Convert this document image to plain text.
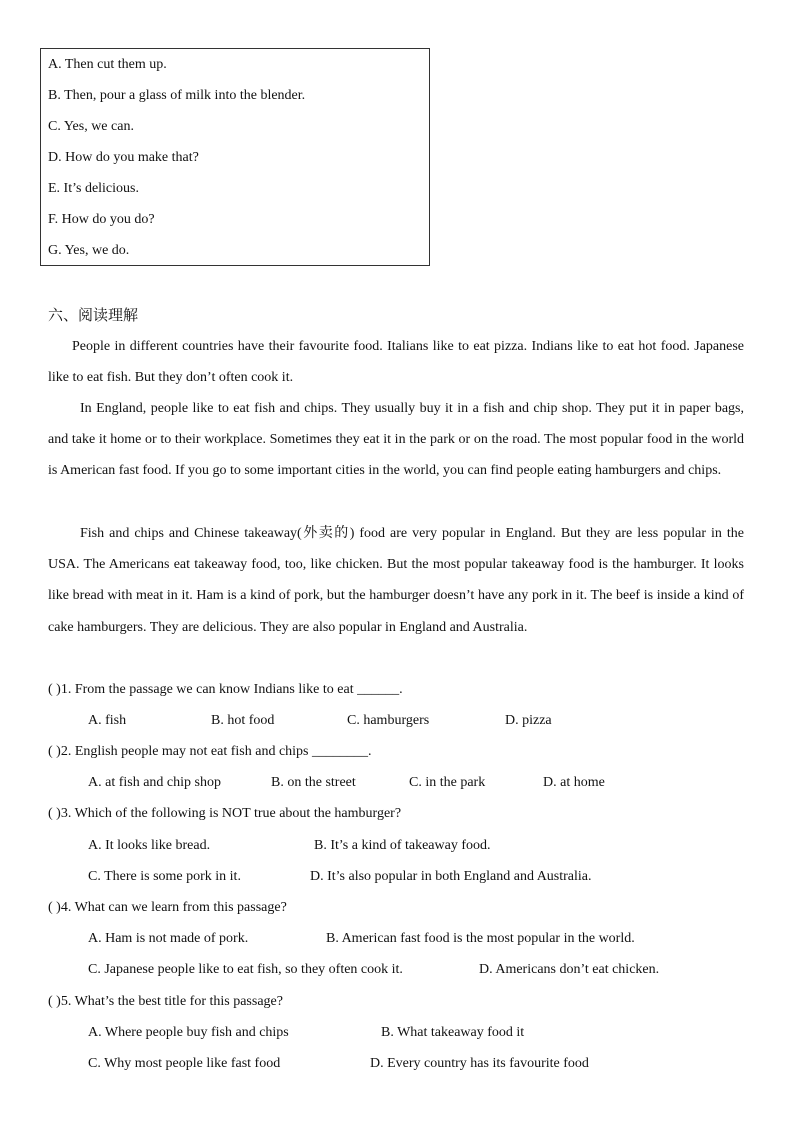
A. Then cut them up.
B. Then, pour a glass of milk into the blender.
C. Yes, we can.
D. How do you make that?
E. It’s delicious.
F. How do you do?
G. Yes, we do.
六、阅读理解

People in different countries have their favourite food. Italians like to eat pizza. Indians like to eat hot food. Japanese like to eat fish. But they don’t often cook it.

In England, people like to eat fish and chips. They usually buy it in a fish and chip shop. They put it in paper bags, and take it home or to their workplace. Sometimes they eat it in the park or on the road. The most popular food in the world is American fast food. If you go to some important cities in the world, you can find people eating hamburgers and chips.

Fish and chips and Chinese takeaway(外卖的) food are very popular in England. But they are less popular in the USA. The Americans eat takeaway food, too, like chicken. But the most popular takeaway food is the hamburger. It looks like bread with meat in it. Ham is a kind of pork, but the hamburger doesn’t have any pork in it. The beef is inside a kind of cake hamburgers. They are delicious. They are also popular in England and Australia.

( )1. From the passage we can know Indians like to eat ______.
A. fish	B. hot food	C. hamburgers	D. pizza
( )2. English people may not eat fish and chips ________.
A. at fish and chip shop	B. on the street	C. in the park	D. at home
( )3. Which of the following is NOT true about the hamburger?
A. It looks like bread.	B. It’s a kind of takeaway food.
C. There is some pork in it.	D. It’s also popular in both England and Australia.
( )4. What can we learn from this passage?
A. Ham is not made of pork.	B. American fast food is the most popular in the world.
C. Japanese people like to eat fish, so they often cook it.	D. Americans don’t eat chicken.
( )5. What’s the best title for this passage?
A. Where people buy fish and chips	B. What takeaway food it
C. Why most people like fast food	D. Every country has its favourite food
